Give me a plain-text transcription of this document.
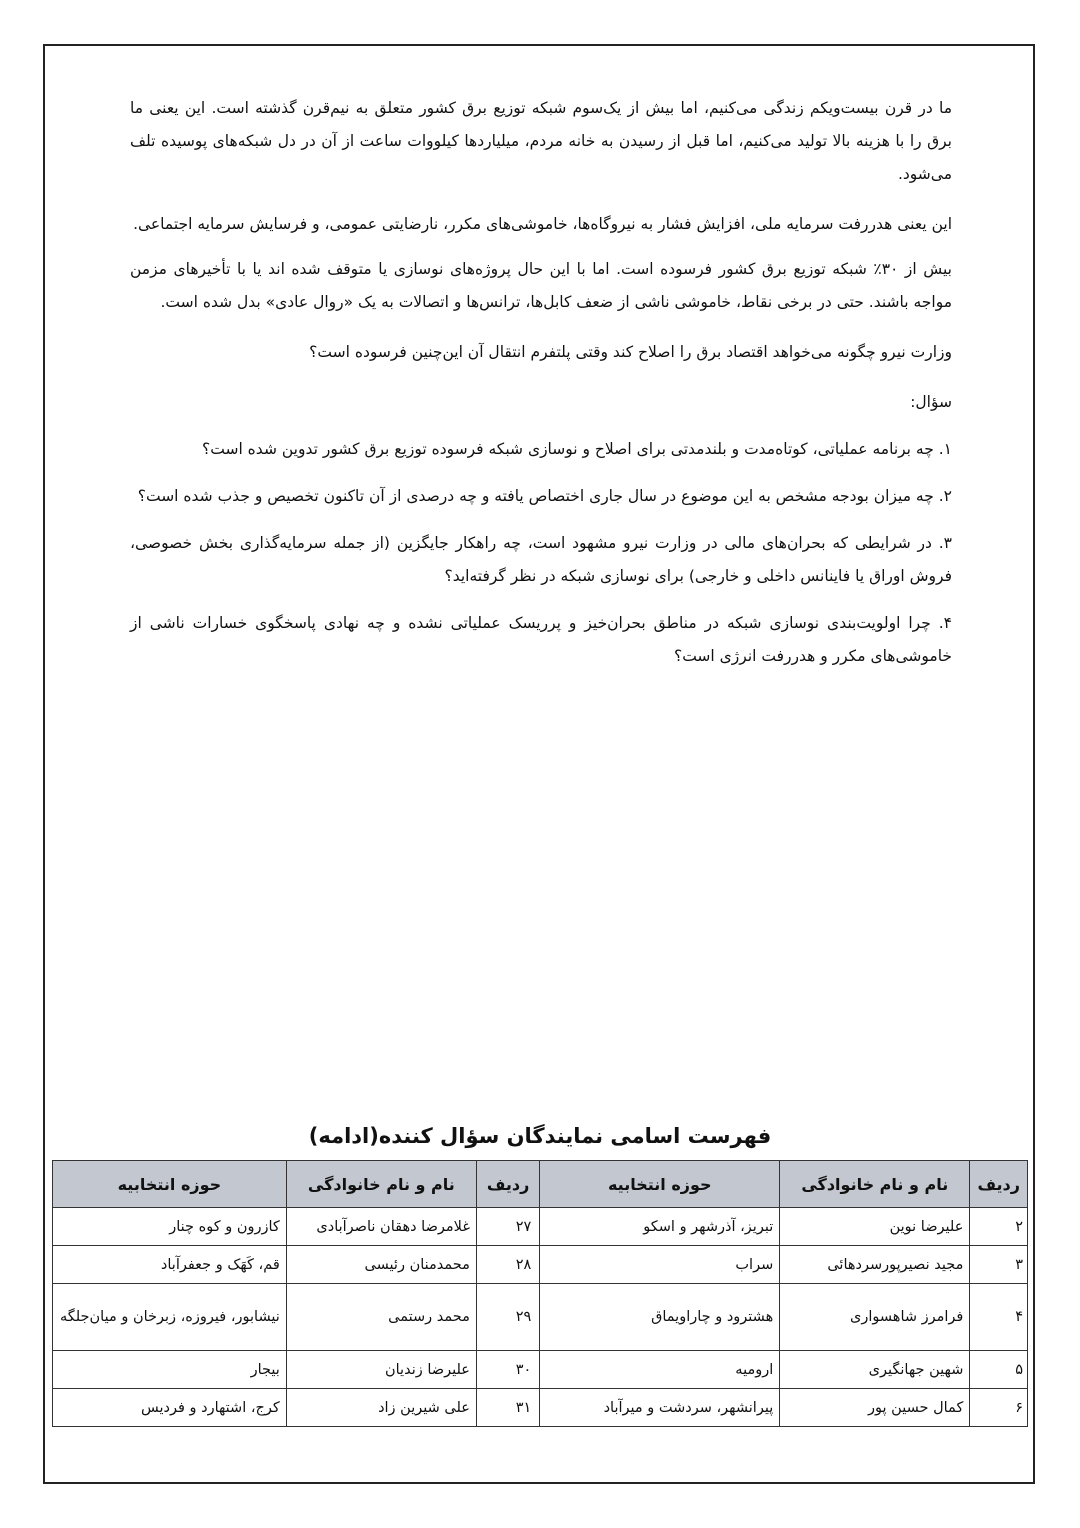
ما در قرن بیست‌ویکم زندگی می‌کنیم، اما بیش از یک‌سوم شبکه توزیع برق کشور متعلق به نیم‌قرن گذشته است. این یعنی ما برق را با هزینه بالا تولید می‌کنیم، اما قبل از رسیدن به خانه مردم، میلیاردها کیلووات ساعت از آن در دل شبکه‌های پوسیده تلف می‌شود.

این یعنی هدررفت سرمایه ملی، افزایش فشار به نیروگاه‌ها، خاموشی‌های مکرر، نارضایتی عمومی، و فرسایش سرمایه اجتماعی.

بیش از ۳۰٪ شبکه توزیع برق کشور فرسوده است. اما با این حال پروژه‌های نوسازی یا متوقف شده اند یا با تأخیرهای مزمن مواجه باشند. حتی در برخی نقاط، خاموشی ناشی از ضعف کابل‌ها، ترانس‌ها و اتصالات به یک «روال عادی» بدل شده است.

وزارت نیرو چگونه می‌خواهد اقتصاد برق را اصلاح کند وقتی پلتفرم انتقال آن این‌چنین فرسوده است؟

سؤال:
۱. چه برنامه عملیاتی، کوتاه‌مدت و بلندمدتی برای اصلاح و نوسازی شبکه فرسوده توزیع برق کشور تدوین شده است؟
۲. چه میزان بودجه مشخص به این موضوع در سال جاری اختصاص یافته و چه درصدی از آن تاکنون تخصیص و جذب شده است؟
۳. در شرایطی که بحران‌های مالی در وزارت نیرو مشهود است، چه راهکار جایگزین (از جمله سرمایه‌گذاری بخش خصوصی، فروش اوراق یا فاینانس داخلی و خارجی) برای نوسازی شبکه در نظر گرفته‌اید؟
۴. چرا اولویت‌بندی نوسازی شبکه در مناطق بحران‌خیز و پرریسک عملیاتی نشده و چه نهادی پاسخگوی خسارات ناشی از خاموشی‌های مکرر و هدررفت انرژی است؟
فهرست اسامی نمایندگان سؤال کننده(ادامه)
ردیف	نام و نام خانوادگی	حوزه انتخابیه	ردیف	نام و نام خانوادگی	حوزه انتخابیه
۲	علیرضا نوین	تبریز، آذرشهر و اسکو	۲۷	غلامرضا دهقان ناصرآبادی	کازرون و کوه چنار
۳	مجید نصیرپورسردهائی	سراب	۲۸	محمدمنان رئیسی	قم، کَهَک و جعفرآباد
۴	فرامرز شاهسواری	هشترود و چاراویماق	۲۹	محمد رستمی	نیشابور، فیروزه، زبرخان و میان‌جلگه
۵	شهین جهانگیری	ارومیه	۳۰	علیرضا زندیان	بیجار
۶	کمال حسین پور	پیرانشهر، سردشت و میرآباد	۳۱	علی شیرین زاد	کرج، اشتهارد و فردیس
